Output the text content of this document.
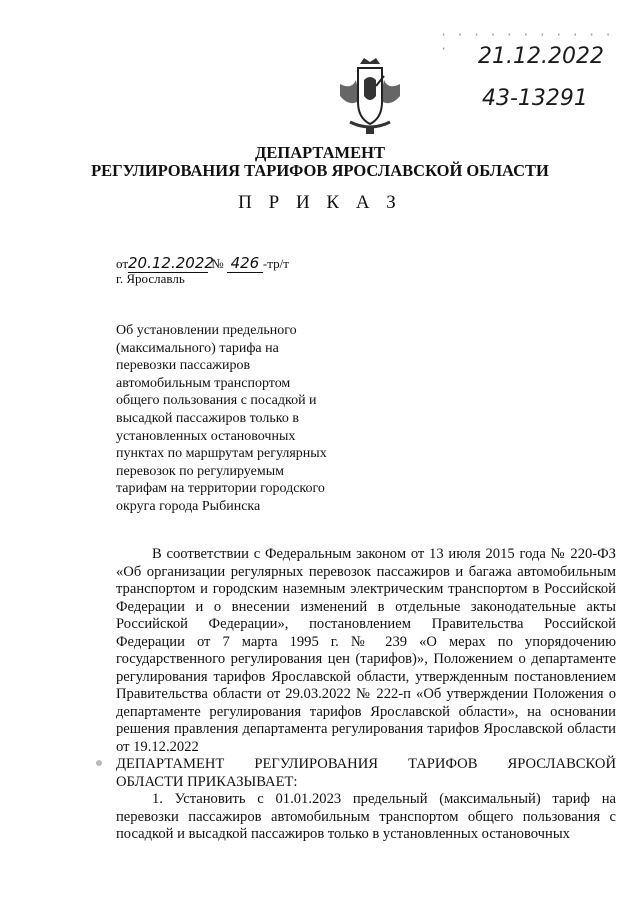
· · · · · · · · · · · ·	21.12.2022
43-13291
ДЕПАРТАМЕНТ
РЕГУЛИРОВАНИЯ ТАРИФОВ ЯРОСЛАВСКОЙ ОБЛАСТИ
П Р И К А З
от20.12.2022 № 426 -тр/т
г. Ярославль
Об установлении предельного
(максимального) тарифа на
перевозки пассажиров
автомобильным транспортом
общего пользования с посадкой и
высадкой пассажиров только в
установленных остановочных
пунктах по маршрутам регулярных
перевозок по регулируемым
тарифам на территории городского
округа города Рыбинска

В соответствии с Федеральным законом от 13 июля 2015 года № 220-ФЗ «Об организации регулярных перевозок пассажиров и багажа автомобильным транспортом и городским наземным электрическим транспортом в Российской Федерации и о внесении изменений в отдельные законодательные акты Российской Федерации», постановлением Правительства Российской Федерации от 7 марта 1995 г. № 239 «О мерах по упорядочению государственного регулирования цен (тарифов)», Положением о департаменте регулирования тарифов Ярославской области, утвержденным постановлением Правительства области от 29.03.2022 № 222-п «Об утверждении Положения о департаменте регулирования тарифов Ярославской области», на основании решения правления департамента регулирования тарифов Ярославской области от 19.12.2022

ДЕПАРТАМЕНТ РЕГУЛИРОВАНИЯ ТАРИФОВ ЯРОСЛАВСКОЙ

ОБЛАСТИ ПРИКАЗЫВАЕТ:

1. Установить с 01.01.2023 предельный (максимальный) тариф на перевозки пассажиров автомобильным транспортом общего пользования с посадкой и высадкой пассажиров только в установленных остановочных
